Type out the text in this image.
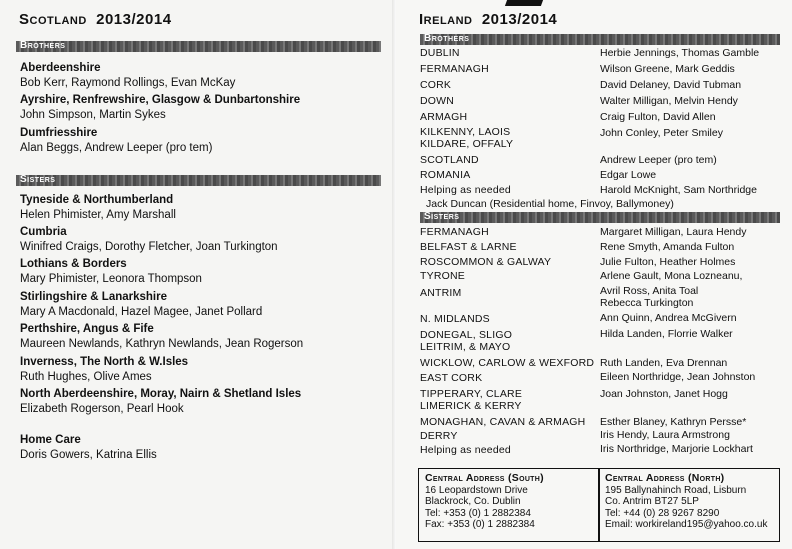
Scotland 2013/2014
Brothers
Aberdeenshire
Bob Kerr, Raymond Rollings, Evan McKay
Ayrshire, Renfrewshire, Glasgow & Dunbartonshire
John Simpson, Martin Sykes
Dumfriesshire
Alan Beggs, Andrew Leeper (pro tem)
Sisters
Tyneside & Northumberland
Helen Phimister, Amy Marshall
Cumbria
Winifred Craigs, Dorothy Fletcher, Joan Turkington
Lothians & Borders
Mary Phimister, Leonora Thompson
Stirlingshire & Lanarkshire
Mary A Macdonald, Hazel Magee, Janet Pollard
Perthshire, Angus & Fife
Maureen Newlands, Kathryn Newlands, Jean Rogerson
Inverness, The North & W.Isles
Ruth Hughes, Olive Ames
North Aberdeenshire, Moray, Nairn & Shetland Isles
Elizabeth Rogerson, Pearl Hook
Home Care
Doris Gowers, Katrina Ellis
Ireland 2013/2014
Brothers
DUBLIN	Herbie Jennings, Thomas Gamble
FERMANAGH	Wilson Greene, Mark Geddis
CORK	David Delaney, David Tubman
DOWN	Walter Milligan, Melvin Hendy
ARMAGH	Craig Fulton, David Allen
KILKENNY, LAOIS
KILDARE, OFFALY
John Conley, Peter Smiley
SCOTLAND	Andrew Leeper (pro tem)
ROMANIA	Edgar Lowe
Helping as needed	Harold McKnight, Sam Northridge
Jack Duncan (Residential home, Finvoy, Ballymoney)
Sisters
FERMANAGH	Margaret Milligan, Laura Hendy
BELFAST & LARNE	Rene Smyth, Amanda Fulton
ROSCOMMON & GALWAY	Julie Fulton, Heather Holmes
TYRONE	Arlene Gault, Mona Lozneanu,
ANTRIM	Avril Ross, Anita Toal
Rebecca Turkington
N. MIDLANDS	Ann Quinn, Andrea McGivern
DONEGAL, SLIGO
LEITRIM, & MAYO
Hilda Landen, Florrie Walker
WICKLOW, CARLOW & WEXFORD Ruth Landen, Eva Drennan
EAST CORK	Eileen Northridge, Jean Johnston
TIPPERARY, CLARE
LIMERICK & KERRY
Joan Johnston, Janet Hogg
MONAGHAN, CAVAN & ARMAGH Esther Blaney, Kathryn Persse*
DERRY	Iris Hendy, Laura Armstrong
Helping as needed	Iris Northridge, Marjorie Lockhart
Central Address (South)
16 Leopardstown Drive
Blackrock, Co. Dublin
Tel: +353 (0) 1 2882384
Fax: +353 (0) 1 2882384
Central Address (North)
195 Ballynahinch Road, Lisburn
Co. Antrim BT27 5LP
Tel: +44 (0) 28 9267 8290
Email: workireland195@yahoo.co.uk
